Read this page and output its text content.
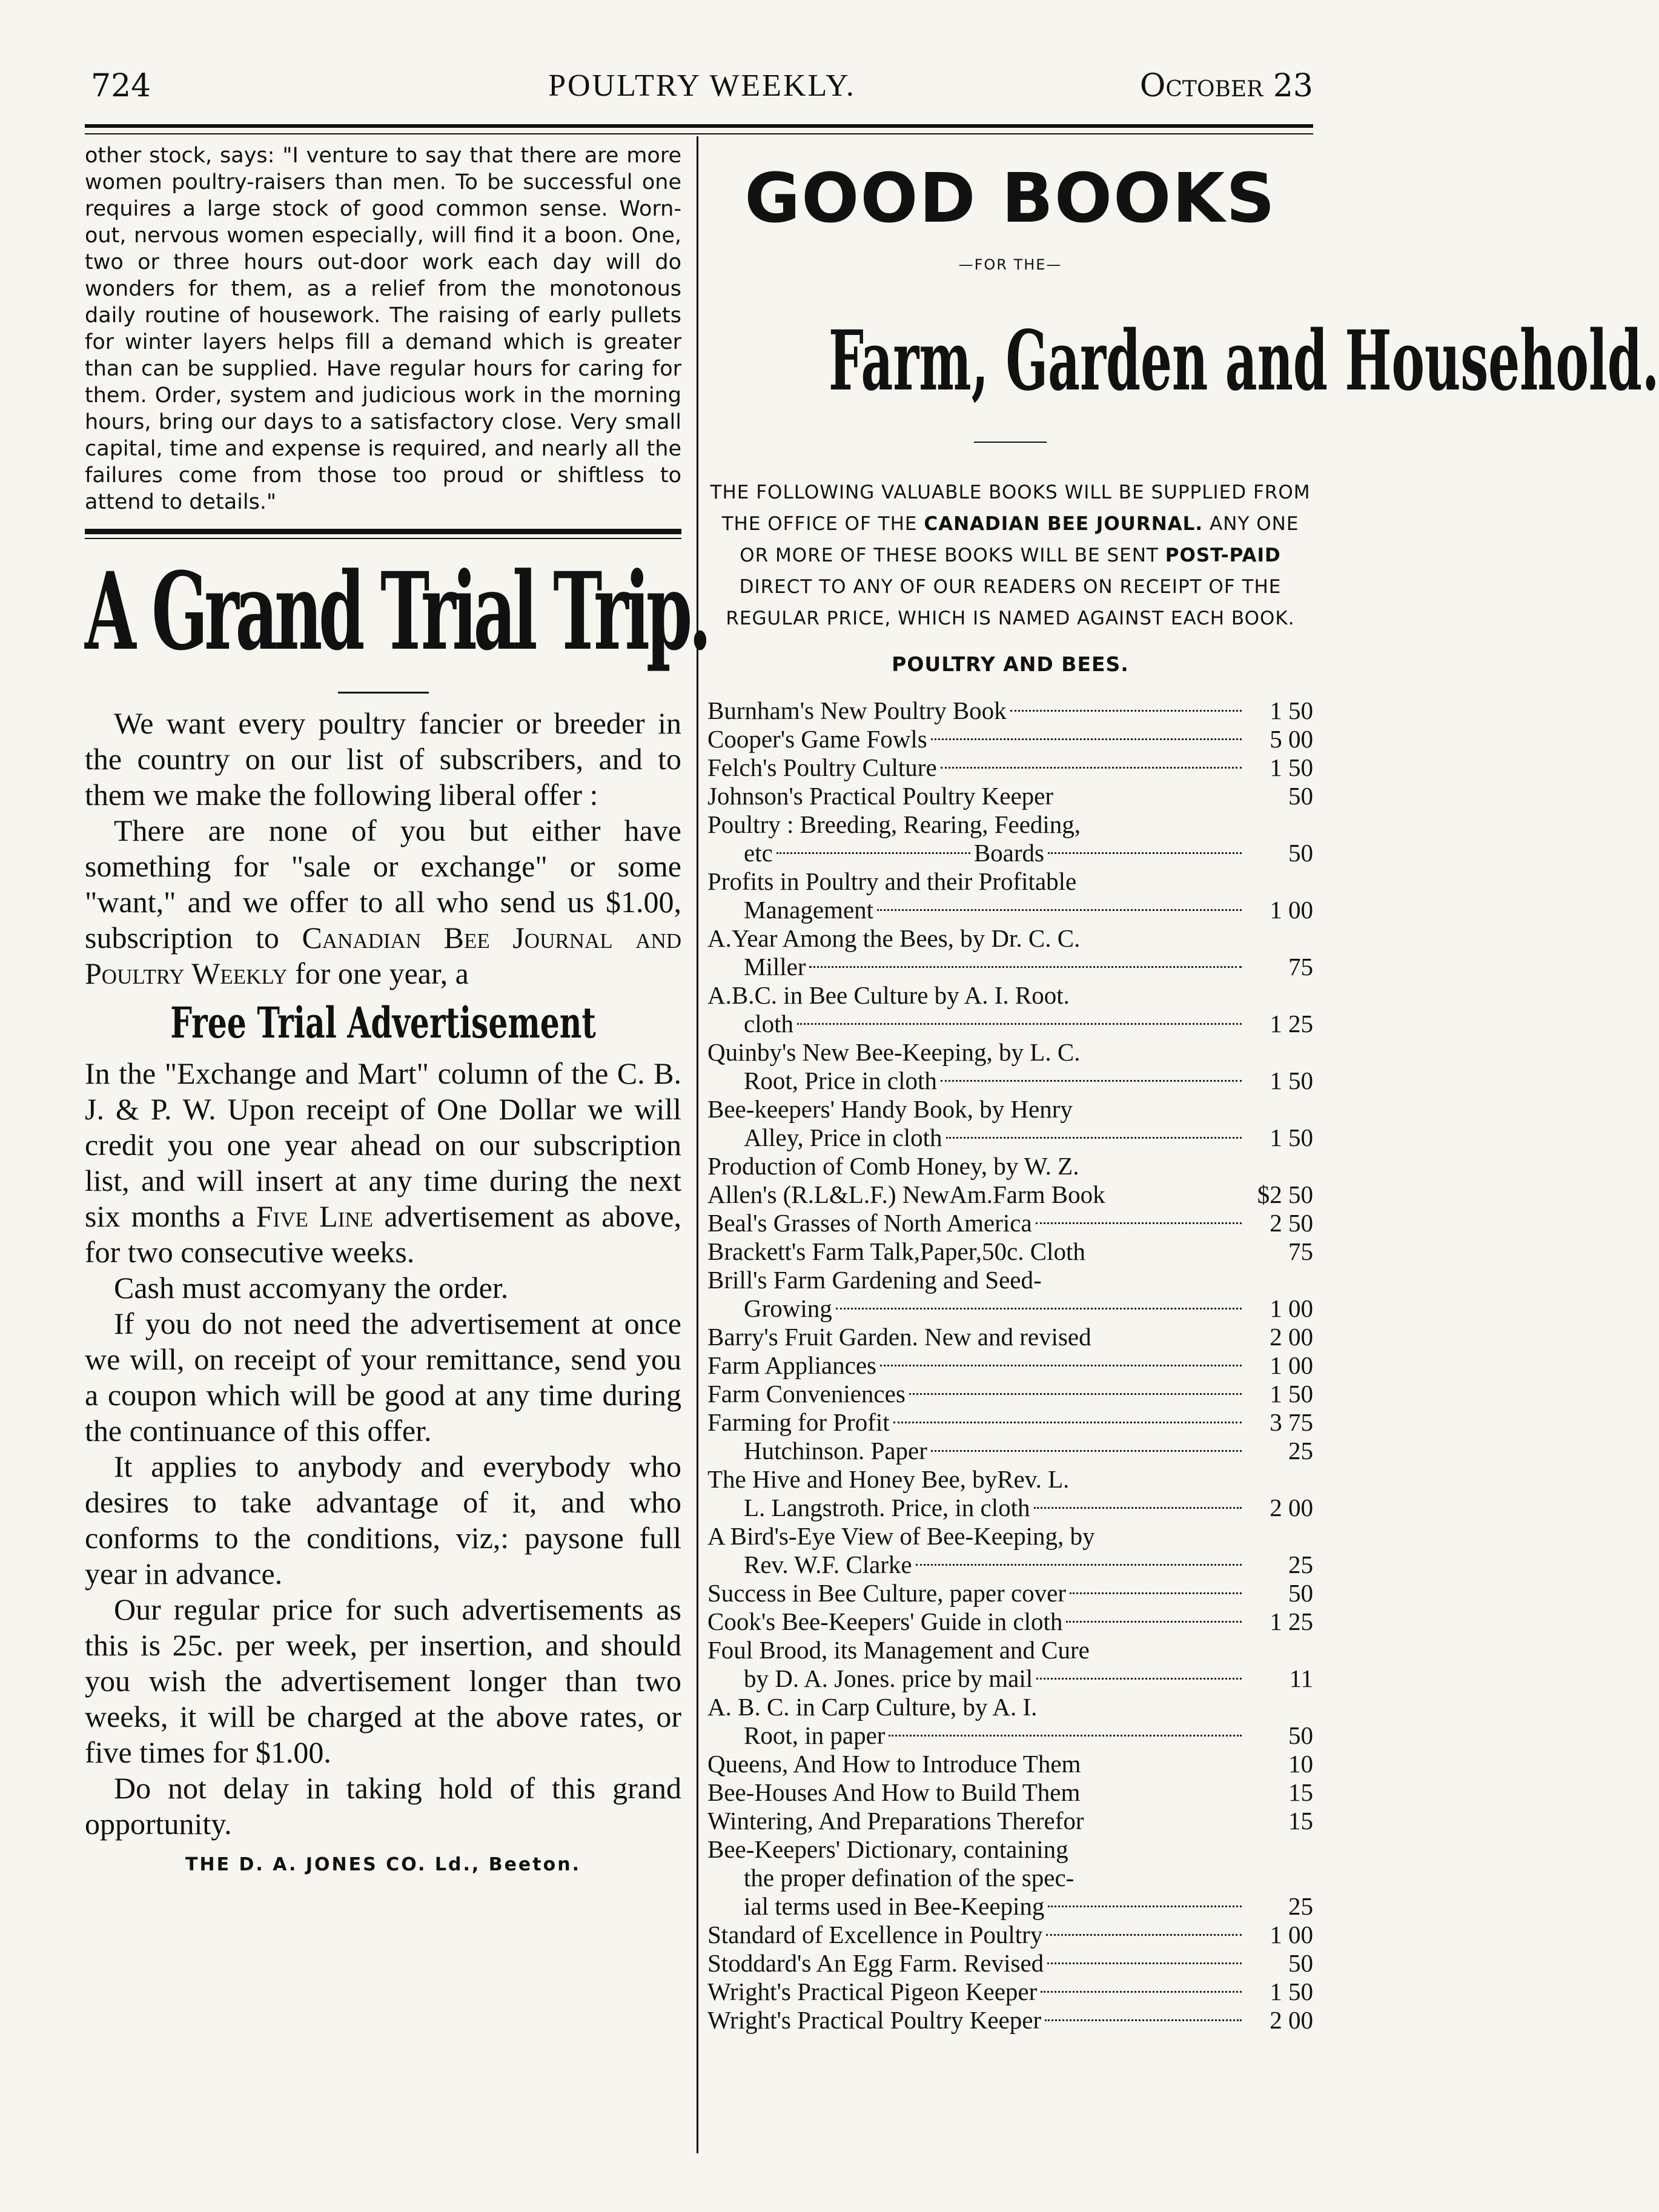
724	POULTRY WEEKLY.	October 23

other stock, says: "I venture to say that there are more women poultry-raisers than men. To be successful one requires a large stock of good common sense. Worn-out, nervous women especially, will find it a boon. One, two or three hours out-door work each day will do wonders for them, as a relief from the monotonous daily routine of housework. The raising of early pullets for winter layers helps fill a demand which is greater than can be supplied. Have regular hours for caring for them. Order, system and judicious work in the morning hours, bring our days to a satisfactory close. Very small capital, time and expense is required, and nearly all the failures come from those too proud or shiftless to attend to details."

A Grand Trial Trip.

We want every poultry fancier or breeder in the country on our list of subscribers, and to them we make the following liberal offer :

There are none of you but either have something for "sale or exchange" or some "want," and we offer to all who send us $1.00, subscription to Canadian Bee Journal and Poultry Weekly for one year, a

Free Trial Advertisement

In the "Exchange and Mart" column of the C. B. J. & P. W. Upon receipt of One Dollar we will credit you one year ahead on our subscription list, and will insert at any time during the next six months a Five Line advertisement as above, for two consecutive weeks.

Cash must accomyany the order.

If you do not need the advertisement at once we will, on receipt of your remittance, send you a coupon which will be good at any time during the continuance of this offer.

It applies to anybody and everybody who desires to take advantage of it, and who conforms to the conditions, viz,: paysone full year in advance.

Our regular price for such advertisements as this is 25c. per week, per insertion, and should you wish the advertisement longer than two weeks, it will be charged at the above rates, or five times for $1.00.

Do not delay in taking hold of this grand opportunity.

THE D. A. JONES CO. Ld., Beeton.
GOOD BOOKS
—FOR THE—
Farm, Garden and Household.

THE FOLLOWING VALUABLE BOOKS WILL BE SUPPLIED FROM THE OFFICE OF THE CANADIAN BEE JOURNAL. ANY ONE OR MORE OF THESE BOOKS WILL BE SENT POST-PAID DIRECT TO ANY OF OUR READERS ON RECEIPT OF THE REGULAR PRICE, WHICH IS NAMED AGAINST EACH BOOK.

POULTRY AND BEES.
Burnham's New Poultry Book	1 50
Cooper's Game Fowls	5 00
Felch's Poultry Culture	1 50
Johnson's Practical Poultry Keeper	50
Poultry : Breeding, Rearing, Feeding,
etc	Boards	50
Profits in Poultry and their Profitable
Management	1 00
A.Year Among the Bees, by Dr. C. C.
Miller	75
A.B.C. in Bee Culture by A. I. Root.
cloth	1 25
Quinby's New Bee-Keeping, by L. C.
Root, Price in cloth	1 50
Bee-keepers' Handy Book, by Henry
Alley, Price in cloth	1 50
Production of Comb Honey, by W. Z.
Allen's (R.L&L.F.) NewAm.Farm Book	$2 50
Beal's Grasses of North America	2 50
Brackett's Farm Talk,Paper,50c. Cloth	75
Brill's Farm Gardening and Seed-
Growing	1 00
Barry's Fruit Garden. New and revised	2 00
Farm Appliances	1 00
Farm Conveniences	1 50
Farming for Profit	3 75
Hutchinson. Paper	25
The Hive and Honey Bee, byRev. L.
L. Langstroth. Price, in cloth	2 00
A Bird's-Eye View of Bee-Keeping, by
Rev. W.F. Clarke	25
Success in Bee Culture, paper cover	50
Cook's Bee-Keepers' Guide in cloth	1 25
Foul Brood, its Management and Cure
by D. A. Jones. price by mail	11
A. B. C. in Carp Culture, by A. I.
Root, in paper	50
Queens, And How to Introduce Them	10
Bee-Houses And How to Build Them	15
Wintering, And Preparations Therefor	15
Bee-Keepers' Dictionary, containing
the proper defination of the spec-
ial terms used in Bee-Keeping	25
Standard of Excellence in Poultry	1 00
Stoddard's An Egg Farm. Revised	50
Wright's Practical Pigeon Keeper	1 50
Wright's Practical Poultry Keeper	2 00
